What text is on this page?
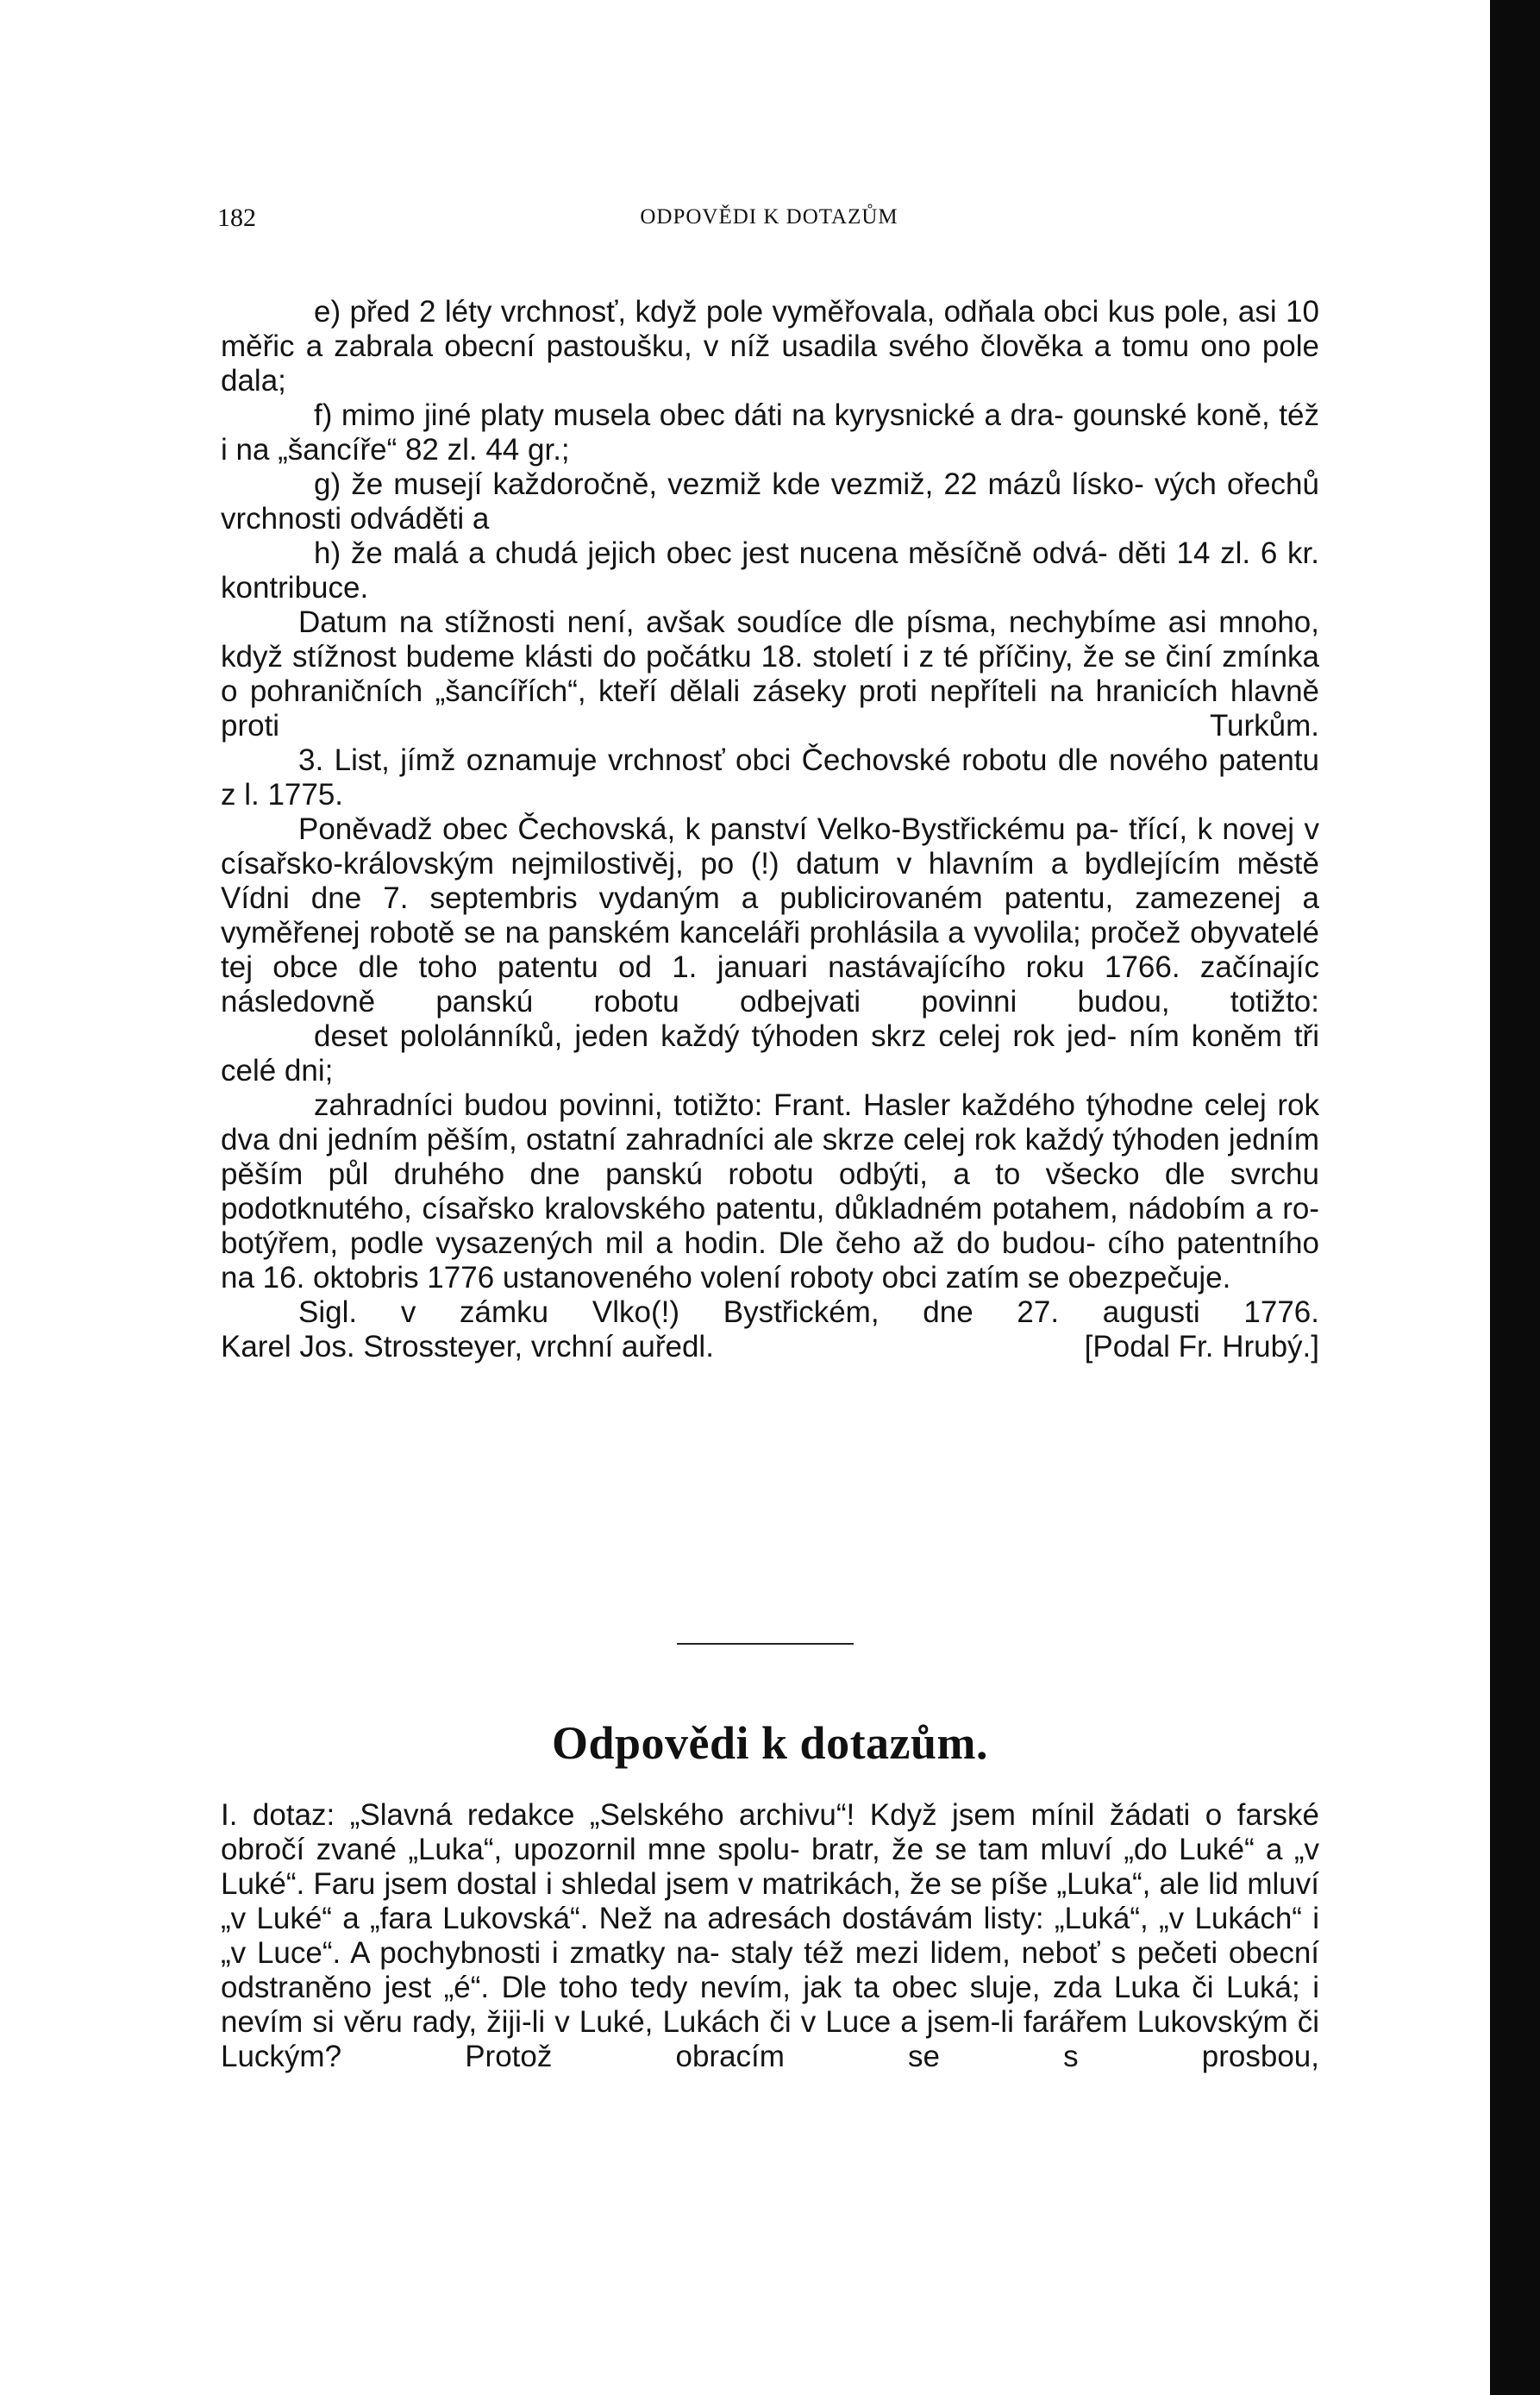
182	ODPOVĚDI K DOTAZŮM

e) před 2 léty vrchnosť, když pole vyměřovala, odňala obci kus pole, asi 10 měřic a zabrala obecní pastoušku, v níž usadila svého člověka a tomu ono pole dala;

f) mimo jiné platy musela obec dáti na kyrysnické a dra- gounské koně, též i na „šancíře“ 82 zl. 44 gr.;

g) že musejí každoročně, vezmiž kde vezmiž, 22 mázů lísko- vých ořechů vrchnosti odváděti a

h) že malá a chudá jejich obec jest nucena měsíčně odvá- děti 14 zl. 6 kr. kontribuce.

Datum na stížnosti není, avšak soudíce dle písma, nechybíme asi mnoho, když stížnost budeme klásti do počátku 18. století i z té příčiny, že se činí zmínka o pohraničních „šancířích“, kteří dělali záseky proti nepříteli na hranicích hlavně proti Turkům.

3. List, jímž oznamuje vrchnosť obci Čechovské robotu dle nového patentu z l. 1775.

Poněvadž obec Čechovská, k panství Velko-Bystřickému pa- třící, k novej v císařsko-královským nejmilostivěj, po (!) datum v hlavním a bydlejícím městě Vídni dne 7. septembris vydaným a publicirovaném patentu, zamezenej a vyměřenej robotě se na panském kanceláři prohlásila a vyvolila; pročež obyvatelé tej obce dle toho patentu od 1. januari nastávajícího roku 1766. začínajíc následovně panskú robotu odbejvati povinni budou, totižto:

deset pololánníků, jeden každý týhoden skrz celej rok jed- ním koněm tři celé dni;

zahradníci budou povinni, totižto: Frant. Hasler každého týhodne celej rok dva dni jedním pěším, ostatní zahradníci ale skrze celej rok každý týhoden jedním pěším půl druhého dne panskú robotu odbýti, a to všecko dle svrchu podotknutého, císařsko kralovského patentu, důkladném potahem, nádobím a ro- botýřem, podle vysazených mil a hodin. Dle čeho až do budou- cího patentního na 16. oktobris 1776 ustanoveného volení roboty obci zatím se obezpečuje.

Sigl. v zámku Vlko(!) Bystřickém, dne 27. augusti 1776.

Karel Jos. Strossteyer, vrchní auředl.	[Podal Fr. Hrubý.]
Odpovědi k dotazům.

I. dotaz: „Slavná redakce „Selského archivu“! Když jsem mínil žádati o farské obročí zvané „Luka“, upozornil mne spolu- bratr, že se tam mluví „do Luké“ a „v Luké“. Faru jsem dostal i shledal jsem v matrikách, že se píše „Luka“, ale lid mluví „v Luké“ a „fara Lukovská“. Než na adresách dostávám listy: „Luká“, „v Lukách“ i „v Luce“. A pochybnosti i zmatky na- staly též mezi lidem, neboť s pečeti obecní odstraněno jest „é“. Dle toho tedy nevím, jak ta obec sluje, zda Luka či Luká; i nevím si věru rady, žiji-li v Luké, Lukách či v Luce a jsem-li farářem Lukovským či Luckým? Protož obracím se s prosbou,
